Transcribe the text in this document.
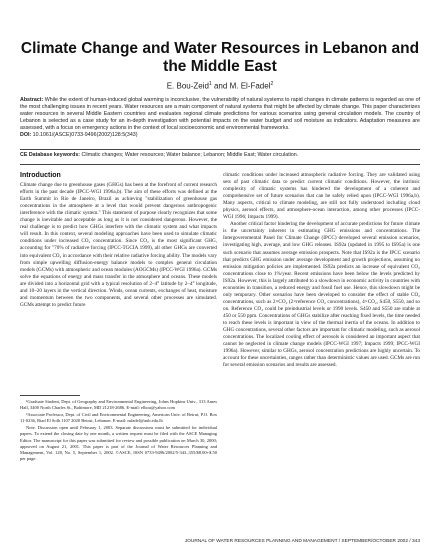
Climate Change and Water Resources in Lebanon and the Middle East
E. Bou-Zeid$^1$ and M. El-Fadel$^2$
Abstract: While the extent of human-induced global warming is inconclusive, the vulnerability of natural systems to rapid changes in climate patterns is regarded as one of the most challenging issues in recent years. Water resources are a main component of natural systems that might be affected by climate change. This paper characterizes water resources in several Middle Eastern countries and evaluates regional climate predictions for various scenarios using general circulation models. The country of Lebanon is selected as a case study for an in-depth investigation with potential impacts on the water budget and soil moisture as indicators. Adaptation measures are assessed, with a focus on emergency actions in the context of local socioeconomic and environmental frameworks.
DOI: 10.1061/(ASCE)0733-9496(2002)128:5(343)
CE Database keywords: Climatic changes; Water resources; Water balance; Lebanon; Middle East; Water circulation.
Introduction

Climate change due to greenhouse gases (GHGs) has been at the forefront of current research efforts in the past decade (IPCC-WGI 1996a,b). The aim of these efforts was defined at the Earth Summit in Rio de Janeiro, Brazil as achieving "stabilization of greenhouse gas concentrations in the atmosphere at a level that would prevent dangerous anthropogenic interference with the climatic system." This statement of purpose clearly recognizes that some change is inevitable and acceptable as long as it is not considered dangerous. However, the real challenge is to predict how GHGs interfere with the climatic system and what impacts will result. In this context, several modeling approaches have been used to simulate climatic conditions under increased CO₂ concentration. Since CO₂ is the most significant GHG, accounting for "70% of radiative forcing (IPCC-TGCIA 1999), all other GHGs are converted into equivalent CO₂ in accordance with their relative radiative forcing ability. The models vary from simple upwelling diffusion-energy balance models to complex general circulation models (GCMs) with atmospheric and ocean modules (AOGCMs) (IPCC-WGI 1996a). GCMs solve the equations of energy and mass transfer in the atmosphere and oceans. These models are divided into a horizontal grid with a typical resolution of 2–4° latitude by 2–4° longitude, and 10–20 layers in the vertical direction. Winds, ocean currents, exchanges of heat, moisture and momentum between the two components, and several other processes are simulated. GCMs attempt to predict future

¹Graduate Student, Dept. of Geography and Environmental Engineering, Johns Hopkins Univ., 313 Ames Hall, 3400 North Charles St., Baltimore, MD 21218-2686. E-mail: elbou@yahoo.com

²Associate Professor, Dept. of Civil and Environmental Engineering, American Univ. of Beirut, P.O. Box 11-0236, Riad El Solh 1107 2020 Beirut, Lebanon. E-mail: mfadel@aub.edu.lb

Note. Discussion open until February 1, 2003. Separate discussions must be submitted for individual papers. To extend the closing date by one month, a written request must be filed with the ASCE Managing Editor. The manuscript for this paper was submitted for review and possible publication on March 30, 2000; approved on August 21, 2001. This paper is part of the Journal of Water Resources Planning and Management, Vol. 128, No. 5, September 1, 2002. ©ASCE, ISSN 0733-9496/2002/5-343–355/$8.00+$.50 per page.

climatic conditions under increased atmospheric radiative forcing. They are validated using sets of past climatic data to predict current climatic conditions. However, the intrinsic complexity of climatic systems has hindered the development of a coherent and comprehensive set of future scenarios that can be safely relied upon (IPCC-WGI 1996a,b). Many aspects, critical to climate modeling, are still not fully understood including cloud physics, aerosol effects, and atmosphere-ocean interaction, among other processes (IPCC-WGI 1996; Impacts 1999).

Another critical factor hindering the development of accurate predictions for future climate is the uncertainty inherent in estimating GHG emissions and concentrations. The Intergovernmental Panel for Climate Change (IPCC) developed several emission scenarios, investigating high, average, and low GHG releases. IS92a (updated in 1995 to IS95a) is one such scenario that assumes average emission prospects. Note that IS92a is the IPCC scenario that predicts GHG emission under average development and growth projections, assuming no emission mitigation policies are implemented. IS92a predicts an increase of equivalent CO₂ concentrations close to 1%/year. Recent emissions have been below the levels predicted by IS92a. However, this is largely attributed to a slowdown in economic activity in countries with economies in transition, a reduced energy and fossil fuel use. Hence, this slowdown might be only temporary. Other scenarios have been developed to consider the effect of stable CO₂ concentrations, such as 2×CO₂ (2×reference CO₂ concentrations), 4×CO₂, S450, S550, and so on. Reference CO₂ could be preindustrial levels or 1990 levels. S450 and S550 are stable at 450 or 550 ppm. Concentrations of GHGs stabilize after reaching fixed levels, the time needed to reach these levels is important in view of the thermal inertia of the oceans. In addition to GHG concentrations, several other factors are important for climatic modeling, such as aerosol concentrations. The localized cooling effect of aerosols is considered an important aspect that cannot be neglected in climate change models (IPCC-WGI 1997; Impacts 1999; IPCC-WGI 1996a). However, similar to GHGs, aerosol concentration predictions are highly uncertain. To account for these uncertainties, ranges rather than deterministic values are used. GCMs are run for several emission scenarios and results are assessed.

JOURNAL OF WATER RESOURCES PLANNING AND MANAGEMENT / SEPTEMBER/OCTOBER 2002 / 343
